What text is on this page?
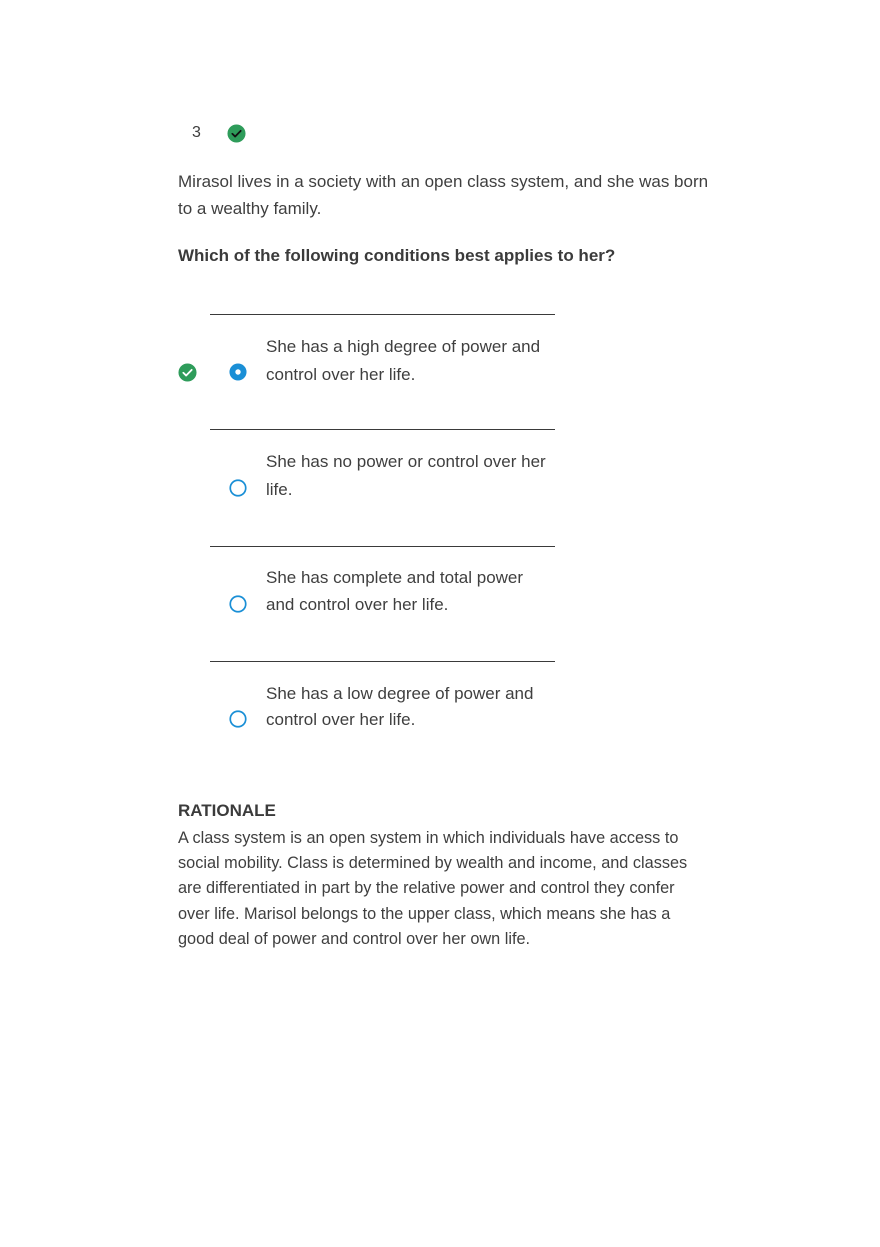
3

Mirasol lives in a society with an open class system, and she was born to a wealthy family.

Which of the following conditions best applies to her?

She has a high degree of power and control over her life.

She has no power or control over her life.

She has complete and total power and control over her life.

She has a low degree of power and control over her life.

RATIONALE

A class system is an open system in which individuals have access to social mobility. Class is determined by wealth and income, and classes are differentiated in part by the relative power and control they confer over life. Marisol belongs to the upper class, which means she has a good deal of power and control over her own life.
